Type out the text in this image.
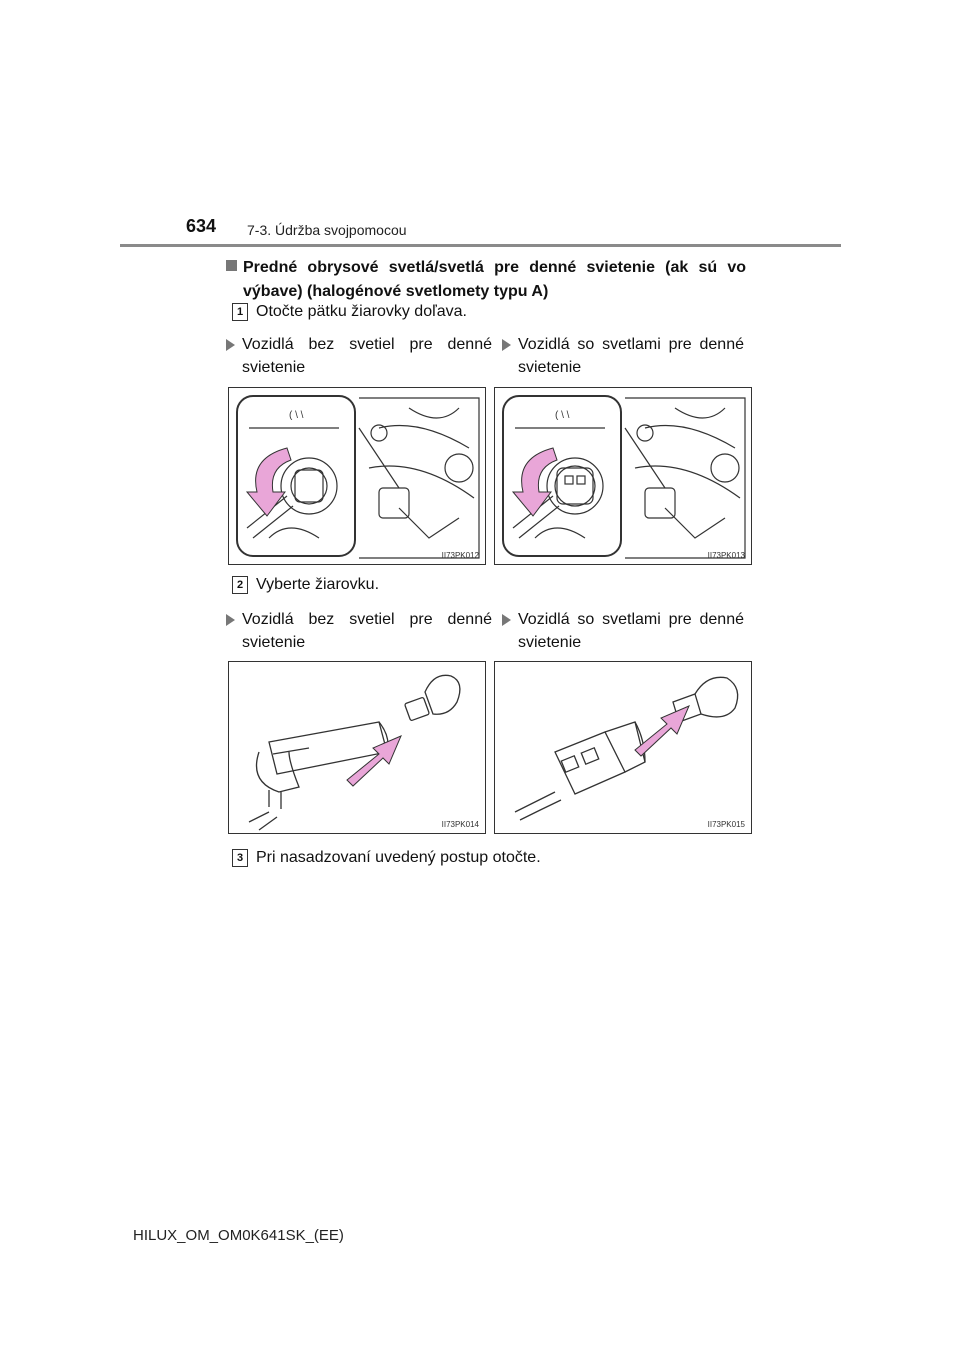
634 7-3. Údržba svojpomocou
Predné obrysové svetlá/svetlá pre denné svietenie (ak sú vo
výbave) (halogénové svetlomety typu A)
1 Otočte pätku žiarovky doľava.
Vozidlá bez svetiel pre denné
svietenie
Vozidlá so svetlami pre denné
svietenie
( \ \
II73PK012
( \ \
II73PK013
2 Vyberte žiarovku.
Vozidlá bez svetiel pre denné
svietenie
Vozidlá so svetlami pre denné
svietenie
II73PK014	II73PK015
3 Pri nasadzovaní uvedený postup otočte.
HILUX_OM_OM0K641SK_(EE)
